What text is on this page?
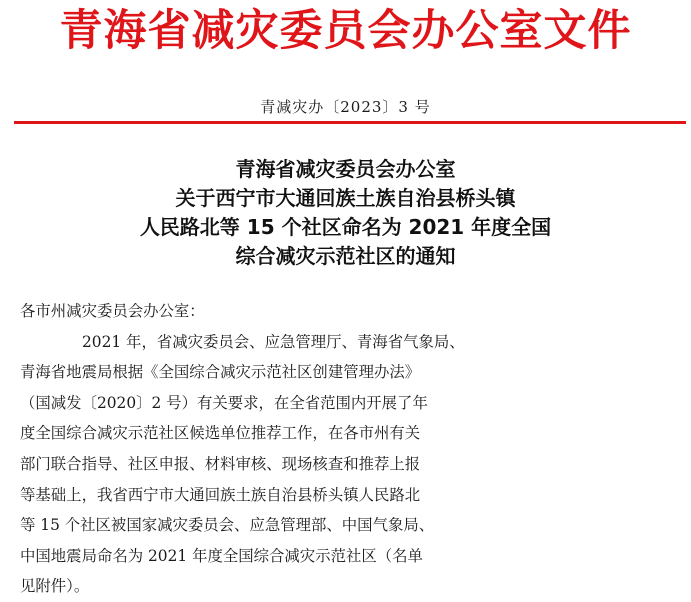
青海省减灾委员会办公室文件
青减灾办〔2023〕3 号
青海省减灾委员会办公室
关于西宁市大通回族土族自治县桥头镇
人民路北等 15 个社区命名为 2021 年度全国
综合减灾示范社区的通知
各市州减灾委员会办公室：
2021 年，省减灾委员会、应急管理厅、青海省气象局、
青海省地震局根据《全国综合减灾示范社区创建管理办法》
（国减发〔2020〕2 号）有关要求，在全省范围内开展了年
度全国综合减灾示范社区候选单位推荐工作，在各市州有关
部门联合指导、社区申报、材料审核、现场核查和推荐上报
等基础上，我省西宁市大通回族土族自治县桥头镇人民路北
等 15 个社区被国家减灾委员会、应急管理部、中国气象局、
中国地震局命名为 2021 年度全国综合减灾示范社区（名单
见附件）。
